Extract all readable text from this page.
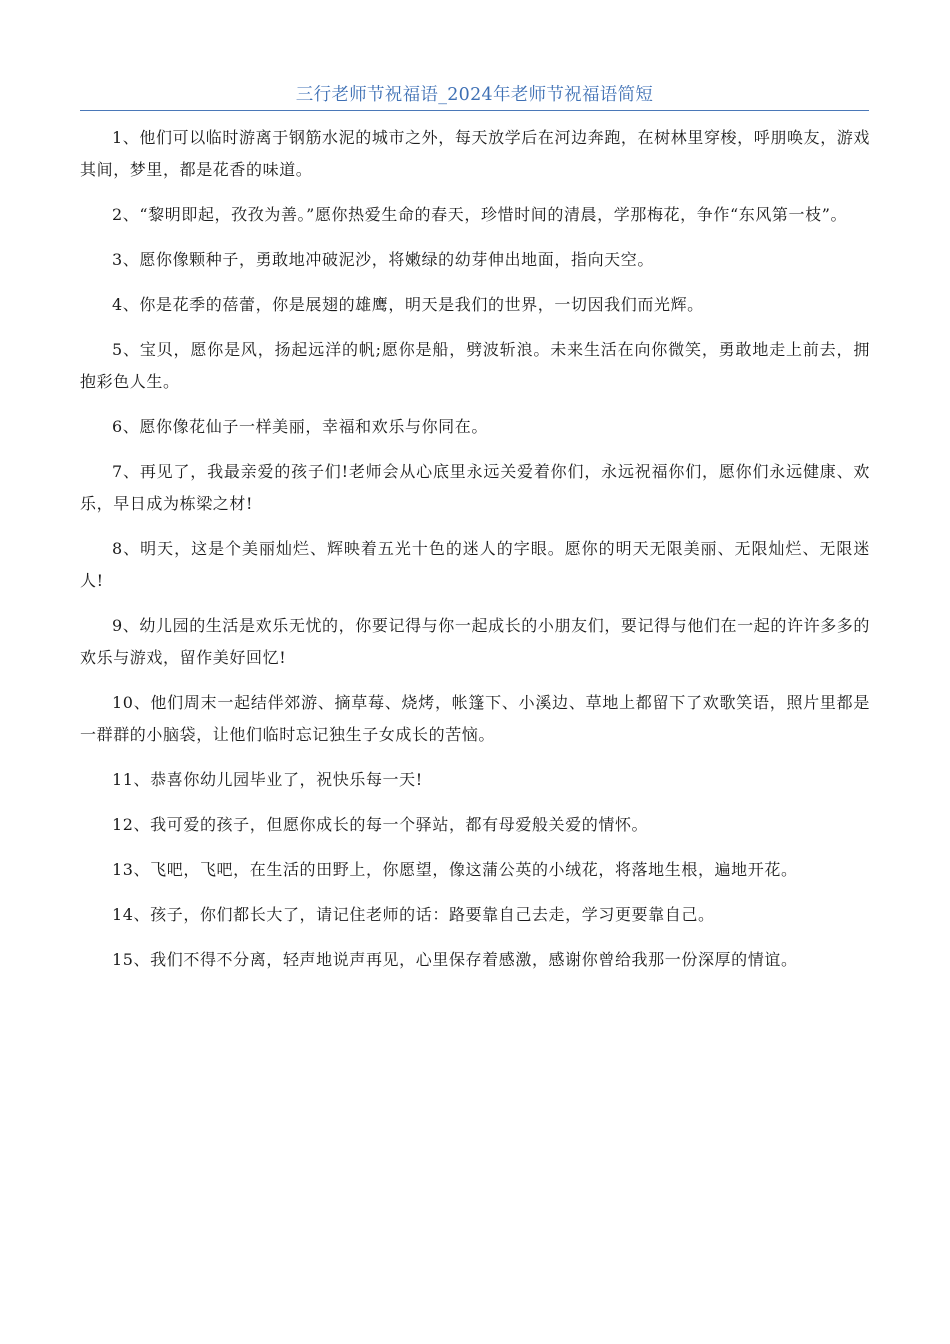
三行老师节祝福语_2024年老师节祝福语简短

1、他们可以临时游离于钢筋水泥的城市之外，每天放学后在河边奔跑，在树林里穿梭，呼朋唤友，游戏其间，梦里，都是花香的味道。

2、“黎明即起，孜孜为善。”愿你热爱生命的春天，珍惜时间的清晨，学那梅花，争作“东风第一枝”。

3、愿你像颗种子，勇敢地冲破泥沙，将嫩绿的幼芽伸出地面，指向天空。

4、你是花季的蓓蕾，你是展翅的雄鹰，明天是我们的世界，一切因我们而光辉。

5、宝贝，愿你是风，扬起远洋的帆;愿你是船，劈波斩浪。未来生活在向你微笑，勇敢地走上前去，拥抱彩色人生。

6、愿你像花仙子一样美丽，幸福和欢乐与你同在。

7、再见了，我最亲爱的孩子们!老师会从心底里永远关爱着你们，永远祝福你们，愿你们永远健康、欢乐，早日成为栋梁之材!

8、明天，这是个美丽灿烂、辉映着五光十色的迷人的字眼。愿你的明天无限美丽、无限灿烂、无限迷人!

9、幼儿园的生活是欢乐无忧的，你要记得与你一起成长的小朋友们，要记得与他们在一起的许许多多的欢乐与游戏，留作美好回忆!

10、他们周末一起结伴郊游、摘草莓、烧烤，帐篷下、小溪边、草地上都留下了欢歌笑语，照片里都是一群群的小脑袋，让他们临时忘记独生子女成长的苦恼。

11、恭喜你幼儿园毕业了，祝快乐每一天!

12、我可爱的孩子，但愿你成长的每一个驿站，都有母爱般关爱的情怀。

13、飞吧，飞吧，在生活的田野上，你愿望，像这蒲公英的小绒花，将落地生根，遍地开花。

14、孩子，你们都长大了，请记住老师的话：路要靠自己去走，学习更要靠自己。

15、我们不得不分离，轻声地说声再见，心里保存着感激，感谢你曾给我那一份深厚的情谊。
